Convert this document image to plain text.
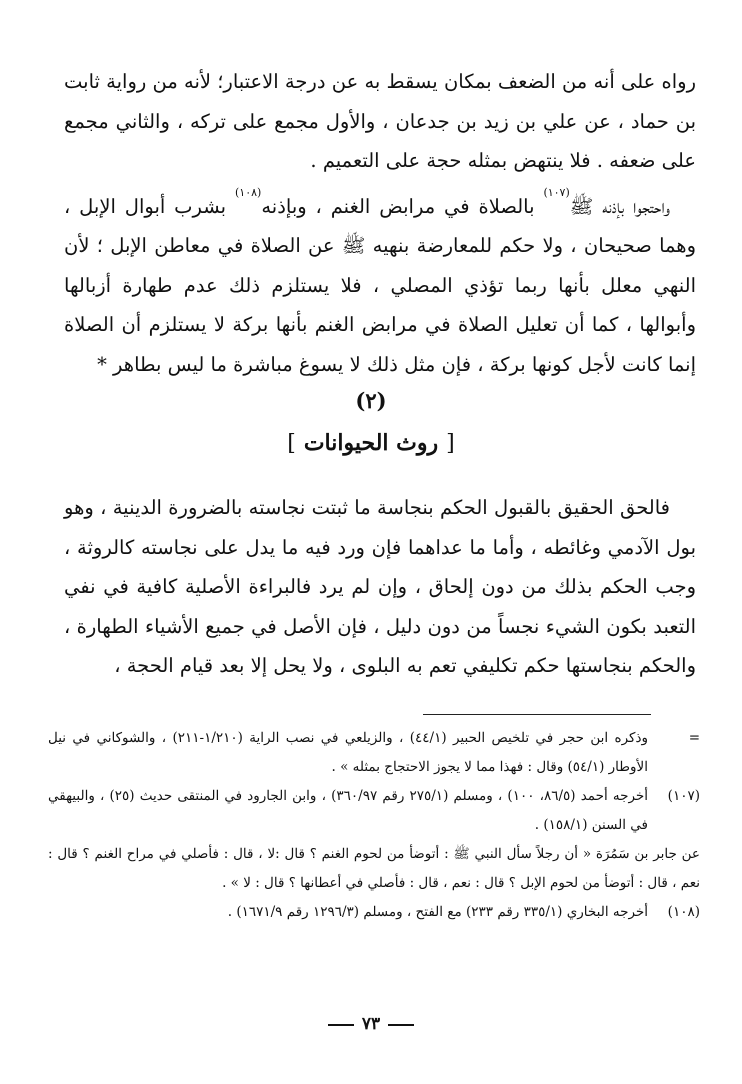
رواه على أنه من الضعف بمكان يسقط به عن درجة الاعتبار؛ لأنه من رواية ثابت بن حماد ، عن علي بن زيد بن جدعان ، والأول مجمع على تركه ، والثاني مجمع على ضعفه . فلا ينتهض بمثله حجة على التعميم .

واحتجوا بإذنه ﷺ$^{(١٠٧)}$ بالصلاة في مرابض الغنم ، وبإذنه$^{(١٠٨)}$ بشرب أبوال الإبل ، وهما صحيحان ، ولا حكم للمعارضة بنهيه ﷺ عن الصلاة في معاطن الإبل ؛ لأن النهي معلل بأنها ربما تؤذي المصلي ، فلا يستلزم ذلك عدم طهارة أزبالها وأبوالها ، كما أن تعليل الصلاة في مرابض الغنم بأنها بركة لا يستلزم أن الصلاة إنما كانت لأجل كونها بركة ، فإن مثل ذلك لا يسوغ مباشرة ما ليس بطاهر *

(٢)
[روث الحيوانات]

فالحق الحقيق بالقبول الحكم بنجاسة ما ثبتت نجاسته بالضرورة الدينية ، وهو بول الآدمي وغائطه ، وأما ما عداهما فإن ورد فيه ما يدل على نجاسته كالروثة ، وجب الحكم بذلك من دون إلحاق ، وإن لم يرد فالبراءة الأصلية كافية في نفي التعبد بكون الشيء نجساً من دون دليل ، فإن الأصل في جميع الأشياء الطهارة ، والحكم بنجاستها حكم تكليفي تعم به البلوى ، ولا يحل إلا بعد قيام الحجة ،

=
وذكره ابن حجر في تلخيص الحبير (٤٤/١) ، والزيلعي في نصب الراية (١/٢١٠-٢١١) ، والشوكاني في نيل الأوطار (٥٤/١) وقال : فهذا مما لا يجوز الاحتجاج بمثله » .
(١٠٧)
أخرجه أحمد (٨٦/٥، ١٠٠) ، ومسلم (٢٧٥/١ رقم ٣٦٠/٩٧) ، وابن الجارود في المنتقى حديث (٢٥) ، والبيهقي في السنن (١٥٨/١) .
عن جابر بن سَمُرَة « أن رجلاً سأل النبي ﷺ : أتوضأ من لحوم الغنم ؟ قال :لا ، قال : فأصلي في مراح الغنم ؟ قال : نعم ، قال : أتوضأ من لحوم الإبل ؟ قال : نعم ، قال : فأصلي في أعطانها ؟ قال : لا » .
(١٠٨)
أخرجه البخاري (٣٣٥/١ رقم ٢٣٣) مع الفتح ، ومسلم (١٢٩٦/٣ رقم ١٦٧١/٩) .
٧٣
